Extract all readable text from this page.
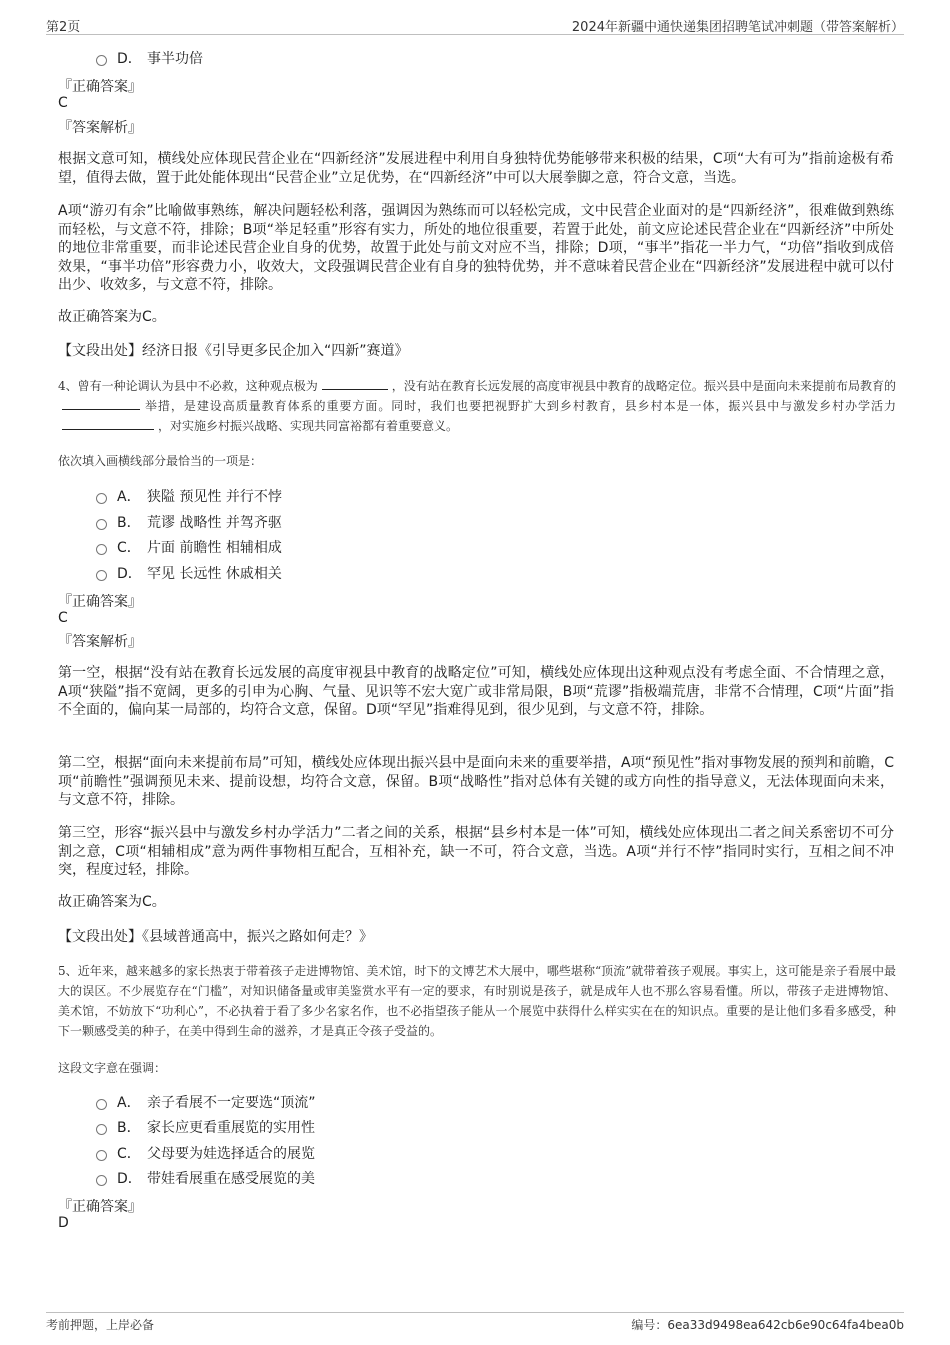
第2页	2024年新疆中通快递集团招聘笔试冲刺题（带答案解析）
D． 事半功倍
『正确答案』
C
『答案解析』
根据文意可知，横线处应体现民营企业在“四新经济”发展进程中利用自身独特优势能够带来积极的结果，C项“大有可为”指前途极有希望，值得去做，置于此处能体现出“民营企业”立足优势，在“四新经济”中可以大展拳脚之意，符合文意，当选。
A项“游刃有余”比喻做事熟练，解决问题轻松利落，强调因为熟练而可以轻松完成，文中民营企业面对的是“四新经济”，很难做到熟练而轻松，与文意不符，排除；B项“举足轻重”形容有实力，所处的地位很重要，若置于此处，前文应论述民营企业在“四新经济”中所处的地位非常重要，而非论述民营企业自身的优势，故置于此处与前文对应不当，排除；D项，“事半”指花一半力气，“功倍”指收到成倍效果，“事半功倍”形容费力小，收效大，文段强调民营企业有自身的独特优势，并不意味着民营企业在“四新经济”发展进程中就可以付出少、收效多，与文意不符，排除。
故正确答案为C。
【文段出处】经济日报《引导更多民企加入“四新”赛道》
4、曾有一种论调认为县中不必救，这种观点极为	，没有站在教育长远发展的高度审视县中教育的战略定位。振兴县中是面向未来提前布局教育的举措，是建设高质量教育体系的重要方面。同时，我们也要把视野扩大到乡村教育，县乡村本是一体，振兴县中与激发乡村办学活力，对实施乡村振兴战略、实现共同富裕都有着重要意义。
依次填入画横线部分最恰当的一项是：
A． 狭隘 预见性 并行不悖
B． 荒谬 战略性 并驾齐驱
C． 片面 前瞻性 相辅相成
D． 罕见 长远性 休戚相关
『正确答案』
C
『答案解析』
第一空，根据“没有站在教育长远发展的高度审视县中教育的战略定位”可知，横线处应体现出这种观点没有考虑全面、不合情理之意，A项“狭隘”指不宽阔，更多的引申为心胸、气量、见识等不宏大宽广或非常局限，B项“荒谬”指极端荒唐，非常不合情理，C项“片面”指不全面的，偏向某一局部的，均符合文意，保留。D项“罕见”指难得见到，很少见到，与文意不符，排除。
第二空，根据“面向未来提前布局”可知，横线处应体现出振兴县中是面向未来的重要举措，A项“预见性”指对事物发展的预判和前瞻，C项“前瞻性”强调预见未来、提前设想，均符合文意，保留。B项“战略性”指对总体有关键的或方向性的指导意义，无法体现面向未来，与文意不符，排除。
第三空，形容“振兴县中与激发乡村办学活力”二者之间的关系，根据“县乡村本是一体”可知，横线处应体现出二者之间关系密切不可分割之意，C项“相辅相成”意为两件事物相互配合，互相补充，缺一不可，符合文意，当选。A项“并行不悖”指同时实行，互相之间不冲突，程度过轻，排除。
故正确答案为C。
【文段出处】《县域普通高中，振兴之路如何走？》
5、近年来，越来越多的家长热衷于带着孩子走进博物馆、美术馆，时下的文博艺术大展中，哪些堪称“顶流”就带着孩子观展。事实上，这可能是亲子看展中最大的误区。不少展览存在“门槛”，对知识储备量或审美鉴赏水平有一定的要求，有时别说是孩子，就是成年人也不那么容易看懂。所以，带孩子走进博物馆、美术馆，不妨放下“功利心”，不必执着于看了多少名家名作，也不必指望孩子能从一个展览中获得什么样实实在在的知识点。重要的是让他们多看多感受，种下一颗感受美的种子，在美中得到生命的滋养，才是真正令孩子受益的。
这段文字意在强调：
A． 亲子看展不一定要选“顶流”
B． 家长应更看重展览的实用性
C． 父母要为娃选择适合的展览
D． 带娃看展重在感受展览的美
『正确答案』
D
考前押题，上岸必备	编号：6ea33d9498ea642cb6e90c64fa4bea0b
